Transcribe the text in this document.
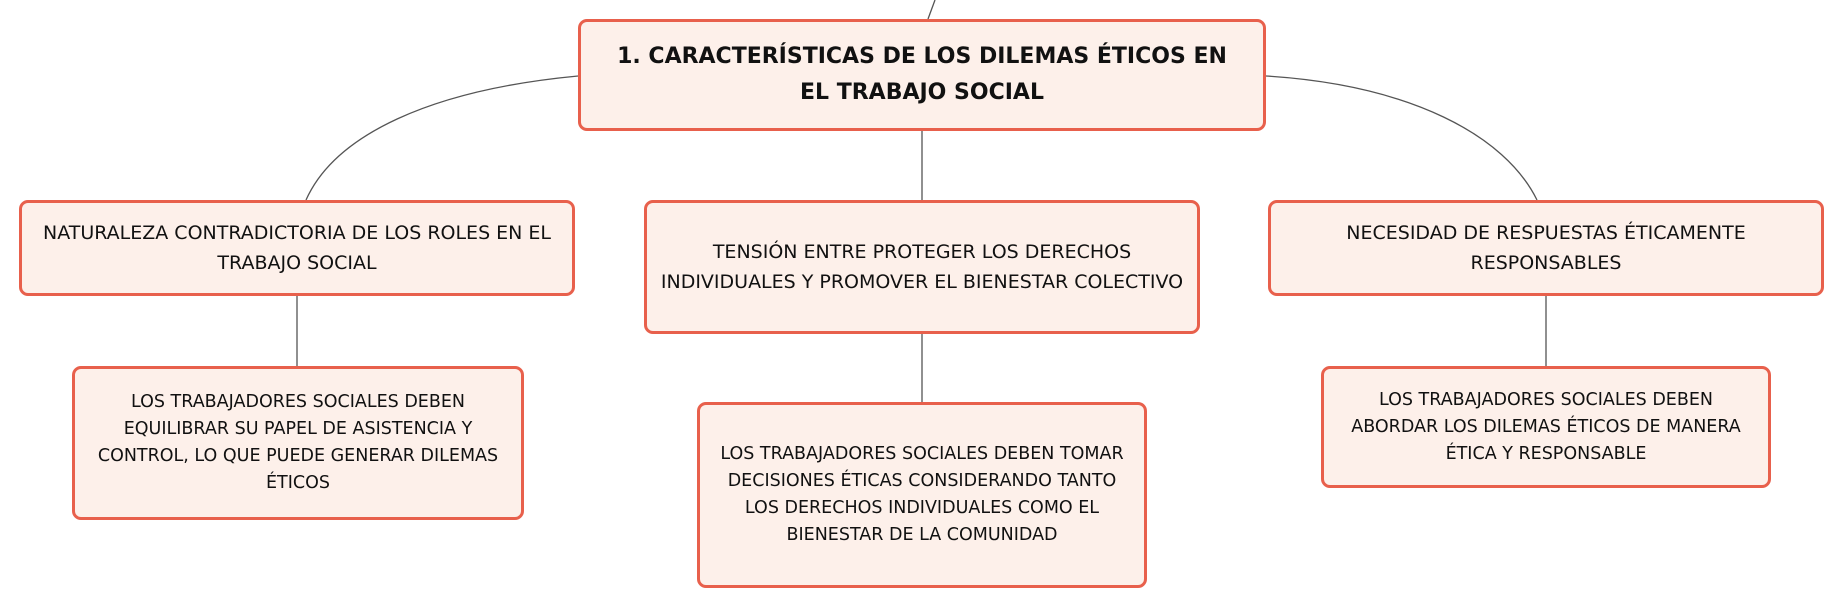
1. CARACTERÍSTICAS DE LOS DILEMAS ÉTICOS EN EL TRABAJO SOCIAL
NATURALEZA CONTRADICTORIA DE LOS ROLES EN EL TRABAJO SOCIAL	TENSIÓN ENTRE PROTEGER LOS DERECHOS INDIVIDUALES Y PROMOVER EL BIENESTAR COLECTIVO
NECESIDAD DE RESPUESTAS ÉTICAMENTE RESPONSABLES
LOS TRABAJADORES SOCIALES DEBEN EQUILIBRAR SU PAPEL DE ASISTENCIA Y CONTROL, LO QUE PUEDE GENERAR DILEMAS ÉTICOS
LOS TRABAJADORES SOCIALES DEBEN TOMAR DECISIONES ÉTICAS CONSIDERANDO TANTO LOS DERECHOS INDIVIDUALES COMO EL BIENESTAR DE LA COMUNIDAD
LOS TRABAJADORES SOCIALES DEBEN ABORDAR LOS DILEMAS ÉTICOS DE MANERA ÉTICA Y RESPONSABLE
